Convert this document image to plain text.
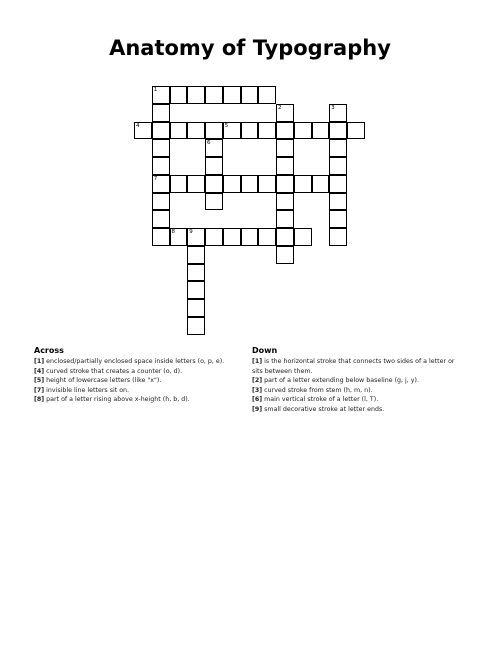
Anatomy of Typography
1
4	5
7
8	9
2	3
6
Across
[1] enclosed/partially enclosed space inside letters (o, p, e).
[4] curved stroke that creates a counter (o, d).
[5] height of lowercase letters (like "x").
[7] invisible line letters sit on.
[8] part of a letter rising above x-height (h, b, d).
Down
[1] is the horizontal stroke that connects two sides of a letter or sits between them.
[2] part of a letter extending below baseline (g, j, y).
[3] curved stroke from stem (h, m, n).
[6] main vertical stroke of a letter (l, T).
[9] small decorative stroke at letter ends.
